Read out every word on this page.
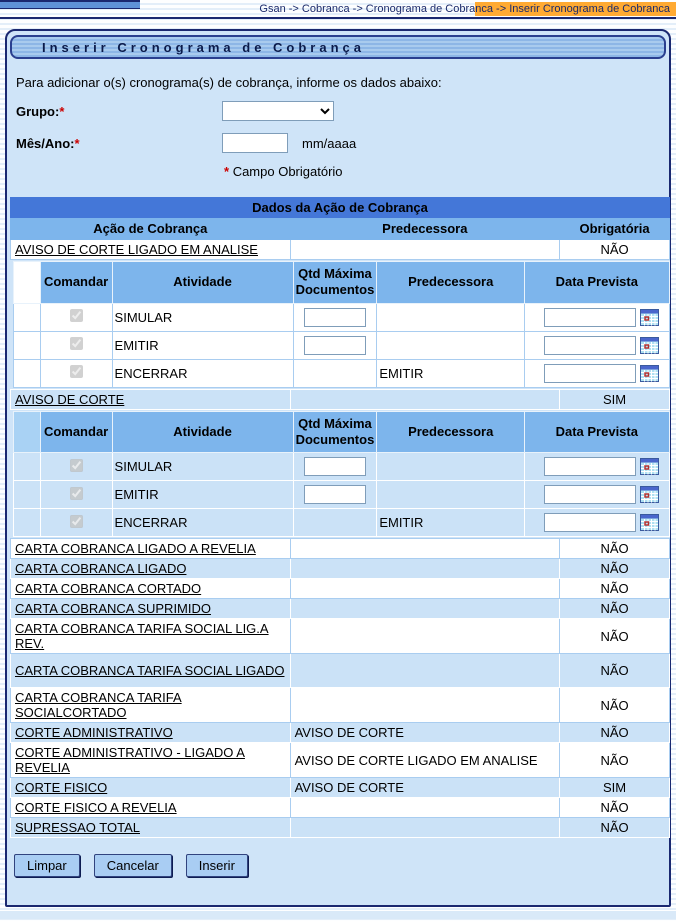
Gsan -> Cobranca -> Cronograma de Cobranca -> Inserir Cronograma de Cobranca
Inserir Cronograma de Cobrança
Para adicionar o(s) cronograma(s) de cobrança, informe os dados abaixo:
Grupo:*
Mês/Ano:*	mm/aaaa
* Campo Obrigatório
Dados da Ação de Cobrança
Ação de Cobrança	Predecessora	Obrigatória
AVISO DE CORTE LIGADO EM ANALISE		NÃO

	Comandar	Atividade	Qtd Máxima Documentos	Predecessora	Data Prevista
		SIMULAR			

		EMITIR			

		ENCERRAR		EMITIR	

AVISO DE CORTE		SIM

	Comandar	Atividade	Qtd Máxima Documentos	Predecessora	Data Prevista
		SIMULAR			

		EMITIR			

		ENCERRAR		EMITIR	

CARTA COBRANCA LIGADO A REVELIA		NÃO
CARTA COBRANCA LIGADO		NÃO
CARTA COBRANCA CORTADO		NÃO
CARTA COBRANCA SUPRIMIDO		NÃO
CARTA COBRANCA TARIFA SOCIAL LIG.A REV.		NÃO
CARTA COBRANCA TARIFA SOCIAL LIGADO		NÃO
CARTA COBRANCA TARIFA SOCIALCORTADO		NÃO
CORTE ADMINISTRATIVO	AVISO DE CORTE	NÃO
CORTE ADMINISTRATIVO - LIGADO A REVELIA	AVISO DE CORTE LIGADO EM ANALISE	NÃO
CORTE FISICO	AVISO DE CORTE	SIM
CORTE FISICO A REVELIA		NÃO
SUPRESSAO TOTAL		NÃO
Limpar	Cancelar	Inserir
